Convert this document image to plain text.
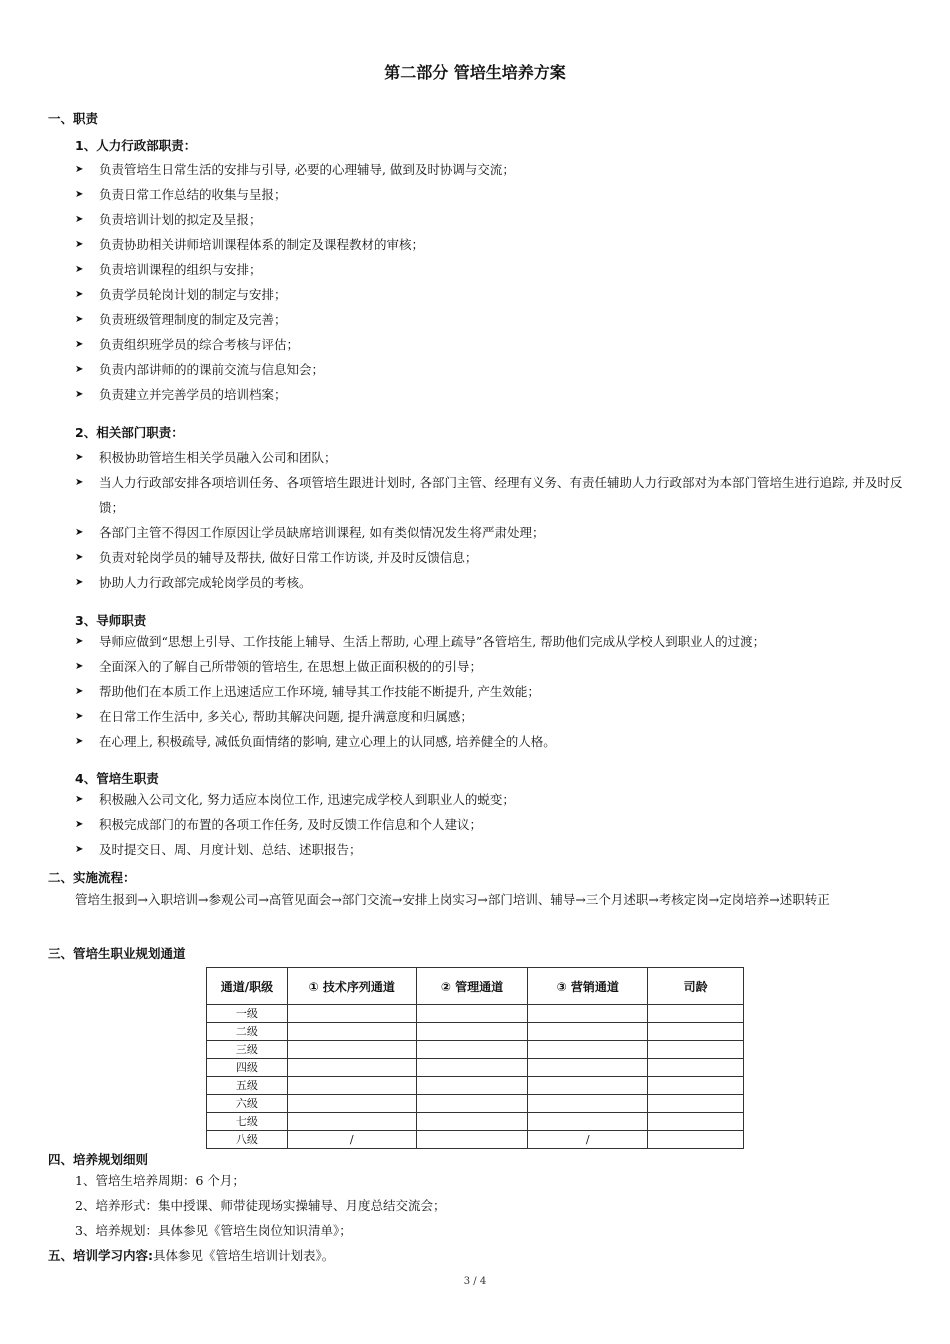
第二部分 管培生培养方案
一、职责
1、人力行政部职责：
➤ 负责管培生日常生活的安排与引导, 必要的心理辅导, 做到及时协调与交流；
➤ 负责日常工作总结的收集与呈报；
➤ 负责培训计划的拟定及呈报；
➤ 负责协助相关讲师培训课程体系的制定及课程教材的审核；
➤ 负责培训课程的组织与安排；
➤ 负责学员轮岗计划的制定与安排；
➤ 负责班级管理制度的制定及完善；
➤ 负责组织班学员的综合考核与评估；
➤ 负责内部讲师的的课前交流与信息知会；
➤ 负责建立并完善学员的培训档案；
2、相关部门职责：
➤ 积极协助管培生相关学员融入公司和团队；
➤ 当人力行政部安排各项培训任务、各项管培生跟进计划时, 各部门主管、经理有义务、有责任辅助人力行政部对为本部门管培生进行追踪, 并及时反馈；
➤ 各部门主管不得因工作原因让学员缺席培训课程, 如有类似情况发生将严肃处理；
➤ 负责对轮岗学员的辅导及帮扶, 做好日常工作访谈, 并及时反馈信息；
➤ 协助人力行政部完成轮岗学员的考核。
3、导师职责
➤ 导师应做到“思想上引导、工作技能上辅导、生活上帮助, 心理上疏导”各管培生, 帮助他们完成从学校人到职业人的过渡；
➤ 全面深入的了解自己所带领的管培生, 在思想上做正面积极的的引导；
➤ 帮助他们在本质工作上迅速适应工作环境, 辅导其工作技能不断提升, 产生效能；
➤ 在日常工作生活中, 多关心, 帮助其解决问题, 提升满意度和归属感；
➤ 在心理上, 积极疏导, 减低负面情绪的影响, 建立心理上的认同感, 培养健全的人格。
4、管培生职责
➤ 积极融入公司文化, 努力适应本岗位工作, 迅速完成学校人到职业人的蜕变；
➤ 积极完成部门的布置的各项工作任务, 及时反馈工作信息和个人建议；
➤ 及时提交日、周、月度计划、总结、述职报告；
二、实施流程：
管培生报到→入职培训→参观公司→高管见面会→部门交流→安排上岗实习→部门培训、辅导→三个月述职→考核定岗→定岗培养→述职转正
三、管培生职业规划通道
通道/职级	① 技术序列通道	② 管理通道	③ 营销通道	司龄
一级				
二级				
三级				
四级				
五级				
六级				
七级				
八级	/		/	
四、培养规划细则
1、管培生培养周期：6 个月；
2、培养形式：集中授课、师带徒现场实操辅导、月度总结交流会；
3、培养规划：具体参见《管培生岗位知识清单》；
五、培训学习内容:具体参见《管培生培训计划表》。
3 / 4
